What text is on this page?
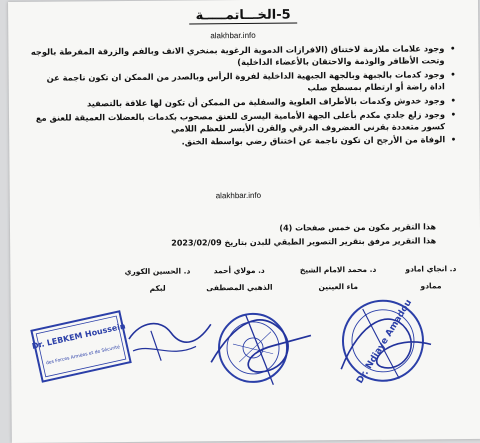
5-الخـــاتمـــــة
alakhbar.info
• وجود علامات ملازمة لاختناق (الافرازات الدموية الرغوية بمنخري الانف وبالفم والزرقة المفرطة بالوجه وتحت الأظافر والوذمة والاحتقان بالأعضاء الداخلية)
• وجود كدمات بالجبهة وبالجهة الجبهية الداخلية لفروة الرأس وبالصدر من الممكن ان تكون ناجمة عن اداة راضة أو ارتطام بمسطح صلب
• وجود خدوش وكدمات بالأطراف العلوية والسفلية من الممكن أن تكون لها علاقة بالتصفيد
• وجود زلع جلدي مكدم بأعلى الجهة الأمامية اليسرى للعنق مصحوب بكدمات بالعضلات العميقة للعنق مع كسور متعددة بقرني الغضروف الدرقي والقرن الأيسر للعظم اللامي
• الوفاة من الأرجح ان تكون ناجمة عن اختناق رضي بواسطة الخنق.
alakhbar.info
هذا التقرير مكون من خمس صفحات (4)
هذا التقرير مرفق بتقرير التصوير الطبقي للبدن بتاريخ 2023/02/09
د. انجاي امادو
ممادو
د. محمد الامام الشيخ
ماء العينين
د. مولاي أحمد
الذهبي المصطفى
د. الحسين الكوري
لبكم
Dr. LEBKEM Houssein
des Forces Armées et de Sécurité	Dr. Ndiaye Amadou
